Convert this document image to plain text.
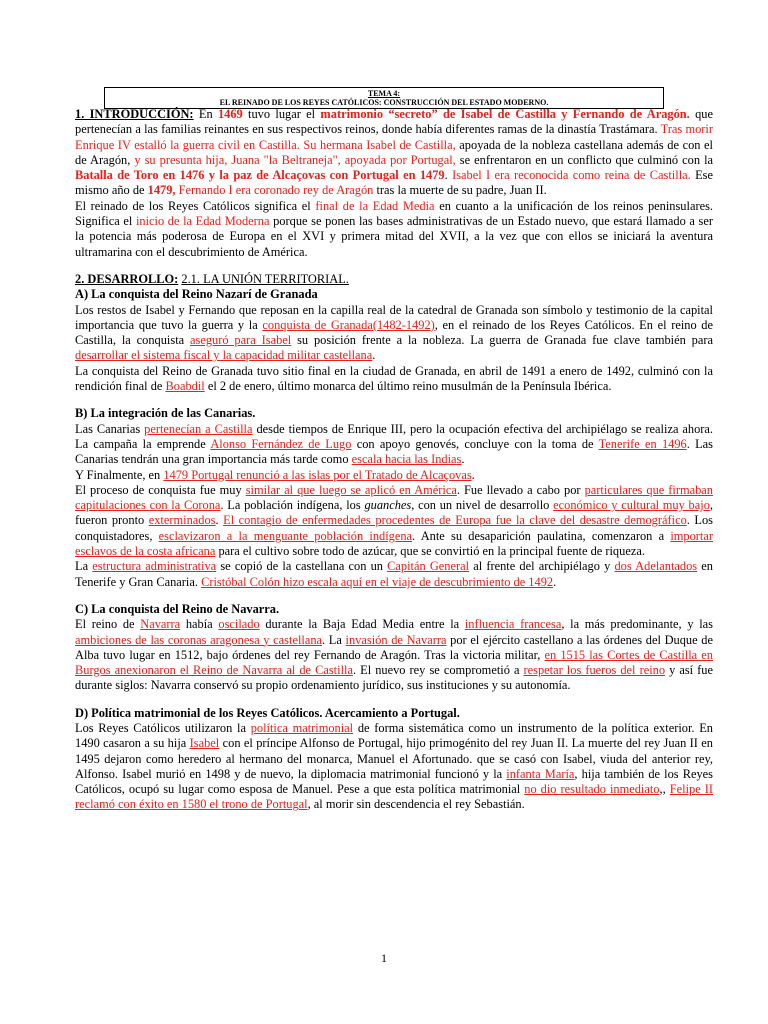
TEMA 4:
EL REINADO DE LOS REYES CATÓLICOS: CONSTRUCCIÓN DEL ESTADO MODERNO.

1. INTRODUCCIÓN: En 1469 tuvo lugar el matrimonio “secreto” de Isabel de Castilla y Fernando de Aragón. que pertenecían a las familias reinantes en sus respectivos reinos, donde había diferentes ramas de la dinastía Trastámara. Tras morir Enrique IV estalló la guerra civil en Castilla. Su hermana Isabel de Castilla, apoyada de la nobleza castellana además de con el de Aragón, y su presunta hija, Juana "la Beltraneja", apoyada por Portugal, se enfrentaron en un conflicto que culminó con la Batalla de Toro en 1476 y la paz de Alcaçovas con Portugal en 1479. Isabel I era reconocida como reina de Castilla. Ese mismo año de 1479, Fernando I era coronado rey de Aragón tras la muerte de su padre, Juan II.

El reinado de los Reyes Católicos significa el final de la Edad Media en cuanto a la unificación de los reinos peninsulares. Significa el inicio de la Edad Moderna porque se ponen las bases administrativas de un Estado nuevo, que estará llamado a ser la potencia más poderosa de Europa en el XVI y primera mitad del XVII, a la vez que con ellos se iniciará la aventura ultramarina con el descubrimiento de América.

2. DESARROLLO: 2.1. LA UNIÓN TERRITORIAL.

A) La conquista del Reino Nazarí de Granada

Los restos de Isabel y Fernando que reposan en la capilla real de la catedral de Granada son símbolo y testimonio de la capital importancia que tuvo la guerra y la conquista de Granada(1482-1492), en el reinado de los Reyes Católicos. En el reino de Castilla, la conquista aseguró para Isabel su posición frente a la nobleza. La guerra de Granada fue clave también para desarrollar el sistema fiscal y la capacidad militar castellana.

La conquista del Reino de Granada tuvo sitio final en la ciudad de Granada, en abril de 1491 a enero de 1492, culminó con la rendición final de Boabdil el 2 de enero, último monarca del último reino musulmán de la Península Ibérica.

B) La integración de las Canarias.

Las Canarias pertenecían a Castilla desde tiempos de Enrique III, pero la ocupación efectiva del archipiélago se realiza ahora. La campaña la emprende Alonso Fernández de Lugo con apoyo genovés, concluye con la toma de Tenerife en 1496. Las Canarias tendrán una gran importancia más tarde como escala hacia las Indias.

Y Finalmente, en 1479 Portugal renunció a las islas por el Tratado de Alcaçovas.

El proceso de conquista fue muy similar al que luego se aplicó en América. Fue llevado a cabo por particulares que firmaban capitulaciones con la Corona. La población indígena, los guanches, con un nivel de desarrollo económico y cultural muy bajo, fueron pronto exterminados. El contagio de enfermedades procedentes de Europa fue la clave del desastre demográfico. Los conquistadores, esclavizaron a la menguante población indígena. Ante su desaparición paulatina, comenzaron a importar esclavos de la costa africana para el cultivo sobre todo de azúcar, que se convirtió en la principal fuente de riqueza.

La estructura administrativa se copió de la castellana con un Capitán General al frente del archipiélago y dos Adelantados en Tenerife y Gran Canaria. Cristóbal Colón hizo escala aquí en el viaje de descubrimiento de 1492.

C) La conquista del Reino de Navarra.

El reino de Navarra había oscilado durante la Baja Edad Media entre la influencia francesa, la más predominante, y las ambiciones de las coronas aragonesa y castellana. La invasión de Navarra por el ejército castellano a las órdenes del Duque de Alba tuvo lugar en 1512, bajo órdenes del rey Fernando de Aragón. Tras la victoria militar, en 1515 las Cortes de Castilla en Burgos anexionaron el Reino de Navarra al de Castilla. El nuevo rey se comprometió a respetar los fueros del reino y así fue durante siglos: Navarra conservó su propio ordenamiento jurídico, sus instituciones y su autonomía.

D) Política matrimonial de los Reyes Católicos. Acercamiento a Portugal.

Los Reyes Católicos utilizaron la política matrimonial de forma sistemática como un instrumento de la política exterior. En 1490 casaron a su hija Isabel con el príncipe Alfonso de Portugal, hijo primogénito del rey Juan II. La muerte del rey Juan II en 1495 dejaron como heredero al hermano del monarca, Manuel el Afortunado. que se casó con Isabel, viuda del anterior rey, Alfonso. Isabel murió en 1498 y de nuevo, la diplomacia matrimonial funcionó y la infanta María, hija también de los Reyes Católicos, ocupó su lugar como esposa de Manuel. Pese a que esta política matrimonial no dio resultado inmediato,, Felipe II reclamó con éxito en 1580 el trono de Portugal, al morir sin descendencia el rey Sebastián.

1
